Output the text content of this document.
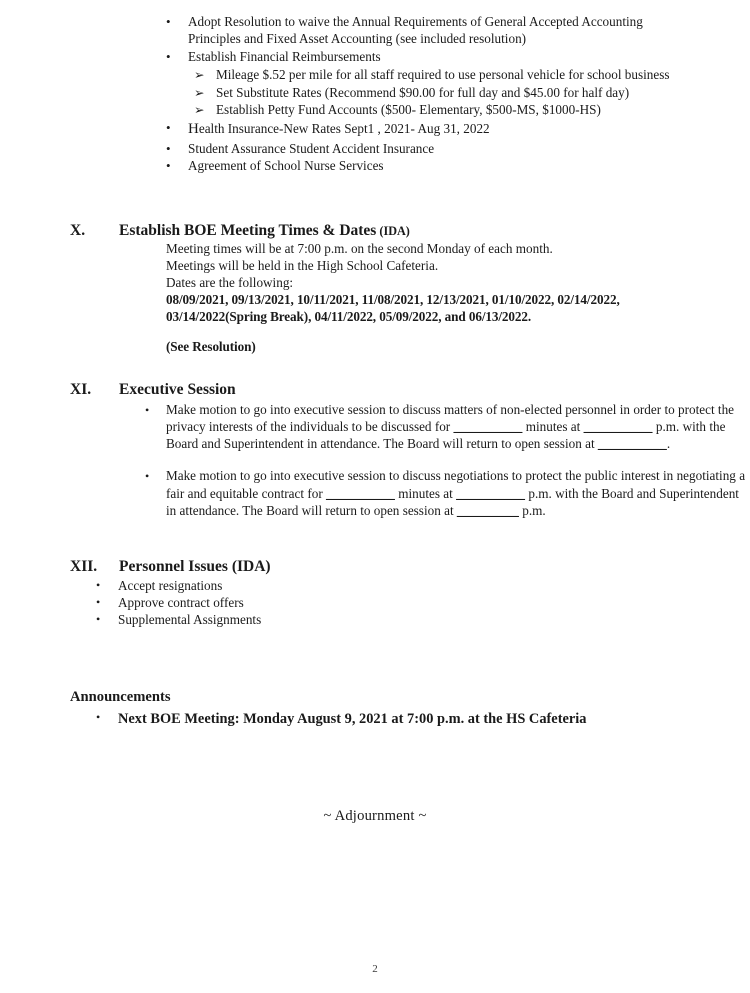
•	Adopt Resolution to waive the Annual Requirements of General Accepted Accounting Principles and Fixed Asset Accounting (see included resolution)
•	Establish Financial Reimbursements
➢ Mileage $.52 per mile for all staff required to use personal vehicle for school business
➢ Set Substitute Rates (Recommend $90.00 for full day and $45.00 for half day)
➢ Establish Petty Fund Accounts ($500- Elementary, $500-MS, $1000-HS)
•	Health Insurance-New Rates Sept1 , 2021- Aug 31, 2022
•	Student Assurance Student Accident Insurance
•	Agreement of School Nurse Services
X.	Establish BOE Meeting Times & Dates (IDA)
Meeting times will be at 7:00 p.m. on the second Monday of each month.
Meetings will be held in the High School Cafeteria.
Dates are the following:
08/09/2021, 09/13/2021, 10/11/2021, 11/08/2021, 12/13/2021, 01/10/2022, 02/14/2022,
03/14/2022(Spring Break), 04/11/2022, 05/09/2022, and 06/13/2022.
(See Resolution)
XI.	Executive Session
•	Make motion to go into executive session to discuss matters of non-elected personnel in order to protect the privacy interests of the individuals to be discussed for __________ minutes at __________ p.m. with the Board and Superintendent in attendance. The Board will return to open session at __________.
•	Make motion to go into executive session to discuss negotiations to protect the public interest in negotiating a fair and equitable contract for __________ minutes at __________ p.m. with the Board and Superintendent in attendance. The Board will return to open session at _________ p.m.
XII.	Personnel Issues (IDA)
•	Accept resignations
•	Approve contract offers
•	Supplemental Assignments
Announcements
•	Next BOE Meeting: Monday August 9, 2021 at 7:00 p.m. at the HS Cafeteria
~ Adjournment ~
2
